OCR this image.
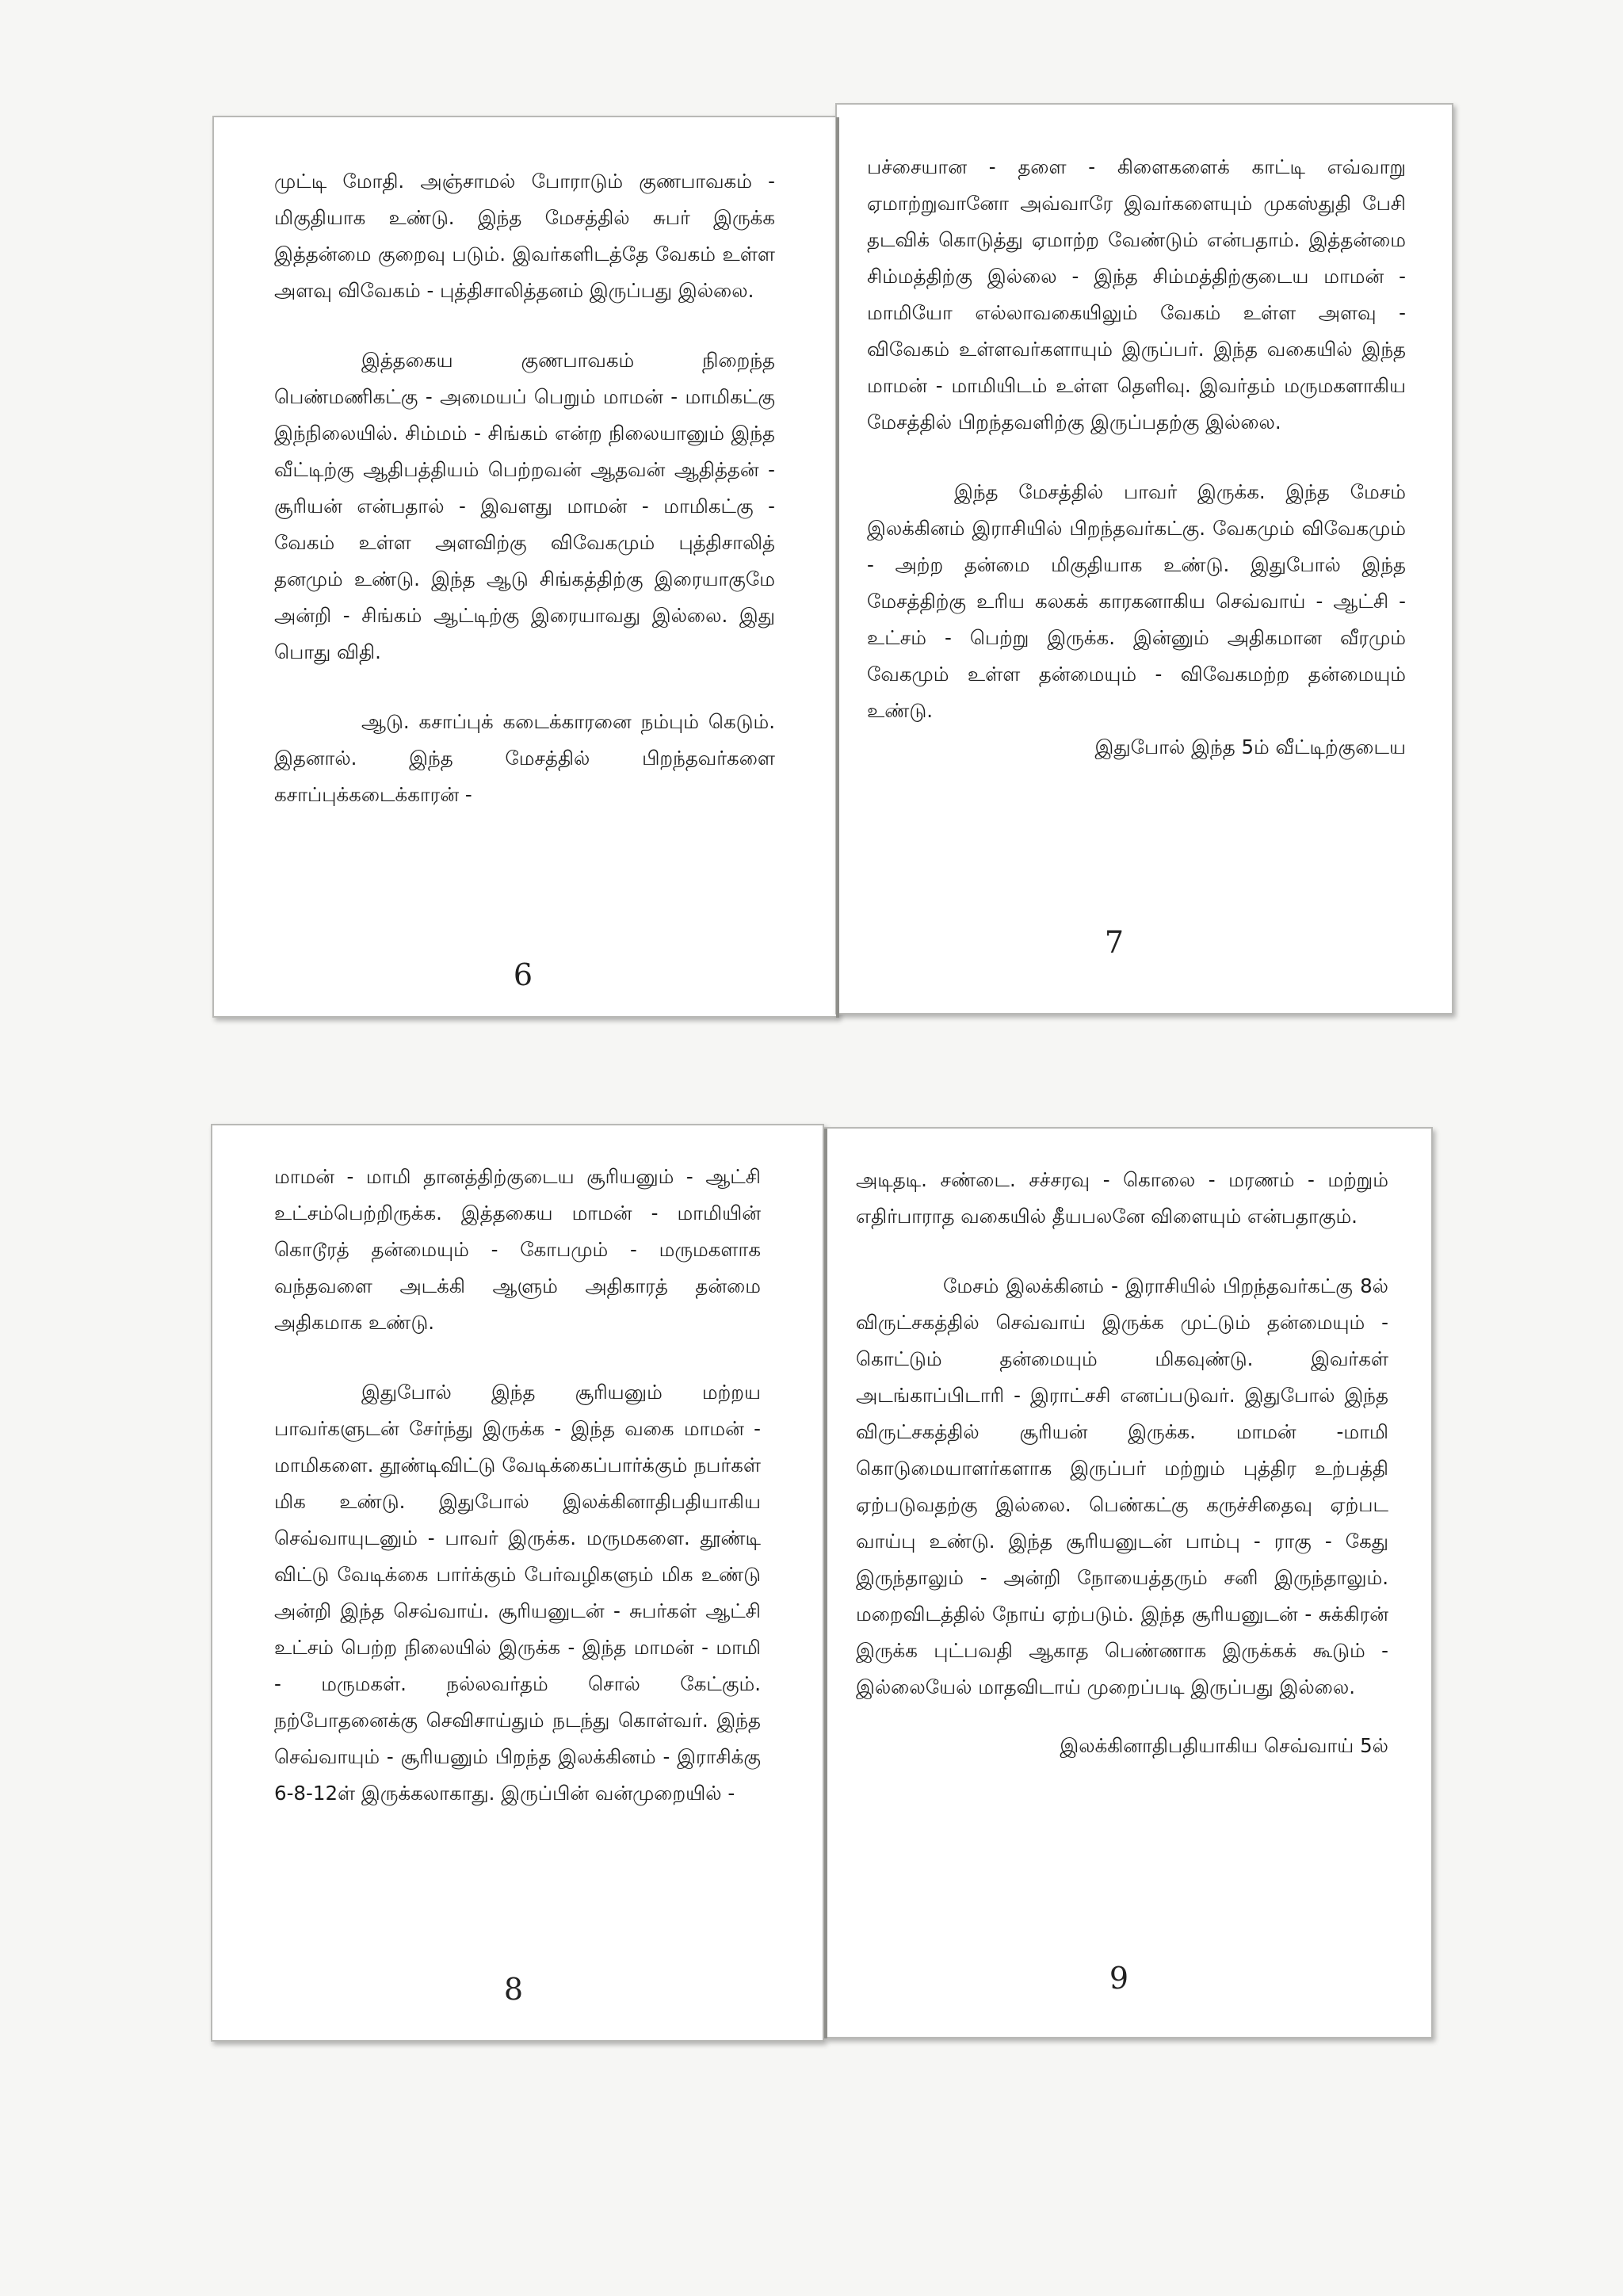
முட்டி மோதி. அஞ்சாமல் போராடும் குணபாவகம் - மிகுதியாக உண்டு. இந்த மேசத்தில் சுபர் இருக்க இத்தன்மை குறைவு படும். இவர்களிடத்தே வேகம் உள்ள அளவு விவேகம் - புத்திசாலித்தனம் இருப்பது இல்லை.

இத்தகைய குணபாவகம் நிறைந்த பெண்மணிகட்கு - அமையப் பெறும் மாமன் - மாமிகட்கு இந்நிலையில். சிம்மம் - சிங்கம் என்ற நிலையானும் இந்த வீட்டிற்கு ஆதிபத்தியம் பெற்றவன் ஆதவன் ஆதித்தன் - சூரியன் என்பதால் - இவளது மாமன் - மாமிகட்கு - வேகம் உள்ள அளவிற்கு விவேகமும் புத்திசாலித் தனமும் உண்டு. இந்த ஆடு சிங்கத்திற்கு இரையாகுமே அன்றி - சிங்கம் ஆட்டிற்கு இரையாவது இல்லை. இது பொது விதி.

ஆடு. கசாப்புக் கடைக்காரனை நம்பும் கெடும். இதனால். இந்த மேசத்தில் பிறந்தவர்களை கசாப்புக்கடைக்காரன் -

6

பச்சையான - தளை - கிளைகளைக் காட்டி எவ்வாறு ஏமாற்றுவானோ அவ்வாரே இவர்களையும் முகஸ்துதி பேசி தடவிக் கொடுத்து ஏமாற்ற வேண்டும் என்பதாம். இத்தன்மை சிம்மத்திற்கு இல்லை - இந்த சிம்மத்திற்குடைய மாமன் - மாமியோ எல்லாவகையிலும் வேகம் உள்ள அளவு - விவேகம் உள்ளவர்களாயும் இருப்பர். இந்த வகையில் இந்த மாமன் - மாமியிடம் உள்ள தெளிவு. இவர்தம் மருமகளாகிய மேசத்தில் பிறந்தவளிற்கு இருப்பதற்கு இல்லை.

இந்த மேசத்தில் பாவர் இருக்க. இந்த மேசம் இலக்கினம் இராசியில் பிறந்தவர்கட்கு. வேகமும் விவேகமும் - அற்ற தன்மை மிகுதியாக உண்டு. இதுபோல் இந்த மேசத்திற்கு உரிய கலகக் காரகனாகிய செவ்வாய் - ஆட்சி - உட்சம் - பெற்று இருக்க. இன்னும் அதிகமான வீரமும் வேகமும் உள்ள தன்மையும் - விவேகமற்ற தன்மையும் உண்டு.

இதுபோல் இந்த 5ம் வீட்டிற்குடைய

7

மாமன் - மாமி தானத்திற்குடைய சூரியனும் - ஆட்சி உட்சம்பெற்றிருக்க. இத்தகைய மாமன் - மாமியின் கொடூரத் தன்மையும் - கோபமும் - மருமகளாக வந்தவளை அடக்கி ஆளும் அதிகாரத் தன்மை அதிகமாக உண்டு.

இதுபோல் இந்த சூரியனும் மற்றய பாவர்களுடன் சேர்ந்து இருக்க - இந்த வகை மாமன் - மாமிகளை. தூண்டிவிட்டு வேடிக்கைப்பார்க்கும் நபர்கள் மிக உண்டு. இதுபோல் இலக்கினாதிபதியாகிய செவ்வாயுடனும் - பாவர் இருக்க. மருமகளை. தூண்டி விட்டு வேடிக்கை பார்க்கும் பேர்வழிகளும் மிக உண்டு அன்றி இந்த செவ்வாய். சூரியனுடன் - சுபர்கள் ஆட்சி உட்சம் பெற்ற நிலையில் இருக்க - இந்த மாமன் - மாமி - மருமகள். நல்லவர்தம் சொல் கேட்கும். நற்போதனைக்கு செவிசாய்தும் நடந்து கொள்வர். இந்த செவ்வாயும் - சூரியனும் பிறந்த இலக்கினம் - இராசிக்கு 6-8-12ள் இருக்கலாகாது. இருப்பின் வன்முறையில் -

8

அடிதடி. சண்டை. சச்சரவு - கொலை - மரணம் - மற்றும் எதிர்பாராத வகையில் தீயபலனே விளையும் என்பதாகும்.

மேசம் இலக்கினம் - இராசியில் பிறந்தவர்கட்கு 8ல் விருட்சகத்தில் செவ்வாய் இருக்க முட்டும் தன்மையும் - கொட்டும் தன்மையும் மிகவுண்டு. இவர்கள் அடங்காப்பிடாரி - இராட்சசி எனப்படுவர். இதுபோல் இந்த விருட்சகத்தில் சூரியன் இருக்க. மாமன் -மாமி கொடுமையாளர்களாக இருப்பர் மற்றும் புத்திர உற்பத்தி ஏற்படுவதற்கு இல்லை. பெண்கட்கு கருச்சிதைவு ஏற்பட வாய்பு உண்டு. இந்த சூரியனுடன் பாம்பு - ராகு - கேது இருந்தாலும் - அன்றி நோயைத்தரும் சனி இருந்தாலும். மறைவிடத்தில் நோய் ஏற்படும். இந்த சூரியனுடன் - சுக்கிரன் இருக்க புட்பவதி ஆகாத பெண்ணாக இருக்கக் கூடும் - இல்லையேல் மாதவிடாய் முறைப்படி இருப்பது இல்லை.

இலக்கினாதிபதியாகிய செவ்வாய் 5ல்

9
